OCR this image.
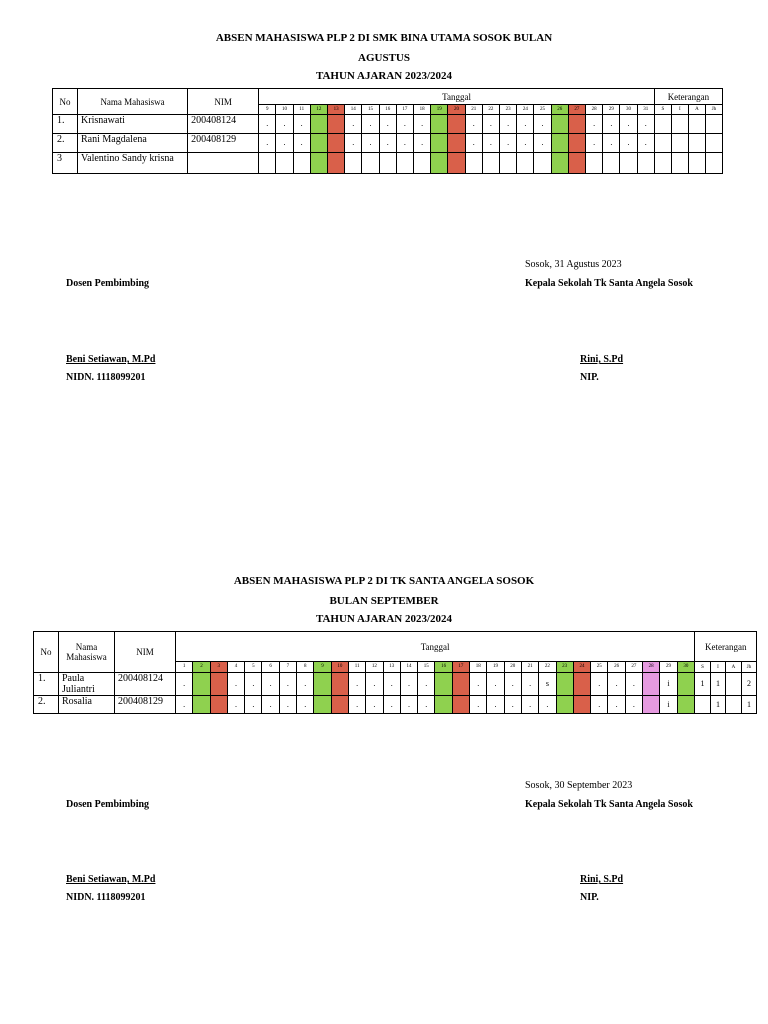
ABSEN MAHASISWA PLP 2 DI SMK BINA UTAMA SOSOK BULAN
AGUSTUS
TAHUN AJARAN 2023/2024
No	Nama Mahasiswa	NIM	Tanggal																							Keterangan			
			9	10	11	12	13	14	15	16	17	18	19	20	21	22	23	24	25	26	27	28	29	30	31	S	I	A	Jh
1.	Krisnawati	200408124	.	.	.			.	.	.	.	.			.	.	.	.	.			.	.	.	.				
2.	Rani Magdalena	200408129	.	.	.			.	.	.	.	.			.	.	.	.	.			.	.	.	.				
3	Valentino Sandy krisna																												
Sosok, 31 Agustus 2023
Dosen Pembimbing	Kepala Sekolah Tk Santa Angela Sosok
Beni Setiawan, M.Pd
NIDN. 1118099201
Rini, S.Pd
NIP.
ABSEN MAHASISWA PLP 2 DI TK SANTA ANGELA SOSOK
BULAN SEPTEMBER
TAHUN AJARAN 2023/2024
No	Nama Mahasiswa	NIM	Tanggal																														Keterangan			
			1	2	3	4	5	6	7	8	9	10	11	12	13	14	15	16	17	18	19	20	21	22	23	24	25	26	27	28	29	30	S	I	A	Jh
1.	Paula Juliantri	200408124	.			.	.	.	.	.			.	.	.	.	.			.	.	.	.	s			.	.	.		i		1	1		2
2.	Rosalia	200408129	.			.	.	.	.	.			.	.	.	.	.			.	.	.	.	.			.	.	.		i			1		1
Sosok, 30 September 2023
Dosen Pembimbing	Kepala Sekolah Tk Santa Angela Sosok
Beni Setiawan, M.Pd
NIDN. 1118099201
Rini, S.Pd
NIP.
